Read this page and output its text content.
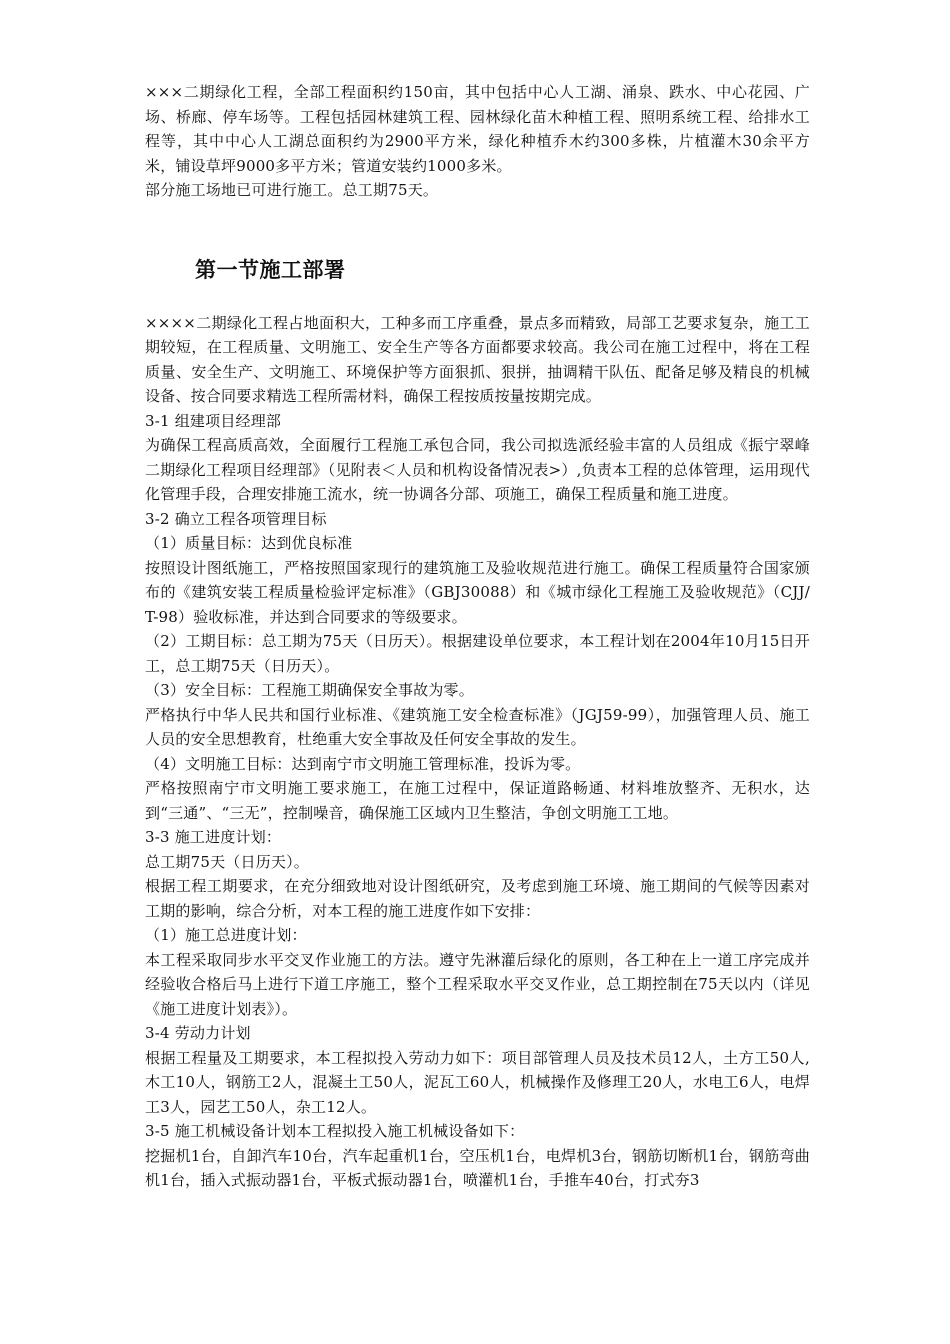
×××二期绿化工程，全部工程面积约150亩，其中包括中心人工湖、涌泉、跌水、中心花园、广场、桥廊、停车场等。工程包括园林建筑工程、园林绿化苗木种植工程、照明系统工程、给排水工程等，其中中心人工湖总面积约为2900平方米，绿化种植乔木约300多株，片植灌木30余平方米，铺设草坪9000多平方米；管道安装约1000多米。

部分施工场地已可进行施工。总工期75天。

第一节施工部署

××××二期绿化工程占地面积大，工种多而工序重叠，景点多而精致，局部工艺要求复杂，施工工期较短，在工程质量、文明施工、安全生产等各方面都要求较高。我公司在施工过程中，将在工程质量、安全生产、文明施工、环境保护等方面狠抓、狠拼，抽调精干队伍、配备足够及精良的机械设备、按合同要求精选工程所需材料，确保工程按质按量按期完成。

3-1 组建项目经理部

为确保工程高质高效，全面履行工程施工承包合同，我公司拟选派经验丰富的人员组成《振宁翠峰二期绿化工程项目经理部》（见附表＜人员和机构设备情况表>）,负责本工程的总体管理，运用现代化管理手段，合理安排施工流水，统一协调各分部、项施工，确保工程质量和施工进度。

3-2 确立工程各项管理目标

（1）质量目标：达到优良标准

按照设计图纸施工，严格按照国家现行的建筑施工及验收规范进行施工。确保工程质量符合国家颁布的《建筑安装工程质量检验评定标准》（GBJ30088）和《城市绿化工程施工及验收规范》（CJJ/T-98）验收标准，并达到合同要求的等级要求。

（2）工期目标：总工期为75天（日历天）。根据建设单位要求，本工程计划在2004年10月15日开工，总工期75天（日历天）。

（3）安全目标：工程施工期确保安全事故为零。

严格执行中华人民共和国行业标准、《建筑施工安全检查标准》（JGJ59-99），加强管理人员、施工人员的安全思想教育，杜绝重大安全事故及任何安全事故的发生。

（4）文明施工目标：达到南宁市文明施工管理标准，投诉为零。

严格按照南宁市文明施工要求施工，在施工过程中，保证道路畅通、材料堆放整齐、无积水，达到“三通”、“三无”，控制噪音，确保施工区域内卫生整洁，争创文明施工工地。

3-3 施工进度计划：

总工期75天（日历天）。

根据工程工期要求，在充分细致地对设计图纸研究，及考虑到施工环境、施工期间的气候等因素对工期的影响，综合分析，对本工程的施工进度作如下安排：

（1）施工总进度计划：

本工程采取同步水平交叉作业施工的方法。遵守先淋灌后绿化的原则，各工种在上一道工序完成并经验收合格后马上进行下道工序施工，整个工程采取水平交叉作业，总工期控制在75天以内（详见《施工进度计划表》）。

3-4 劳动力计划

根据工程量及工期要求，本工程拟投入劳动力如下：项目部管理人员及技术员12人，土方工50人,木工10人，钢筋工2人，混凝土工50人，泥瓦工60人，机械操作及修理工20人，水电工6人，电焊工3人，园艺工50人，杂工12人。

3-5 施工机械设备计划本工程拟投入施工机械设备如下：

挖掘机1台，自卸汽车10台，汽车起重机1台，空压机1台，电焊机3台，钢筋切断机1台，钢筋弯曲机1台，插入式振动器1台，平板式振动器1台，喷灌机1台，手推车40台，打式夯3
